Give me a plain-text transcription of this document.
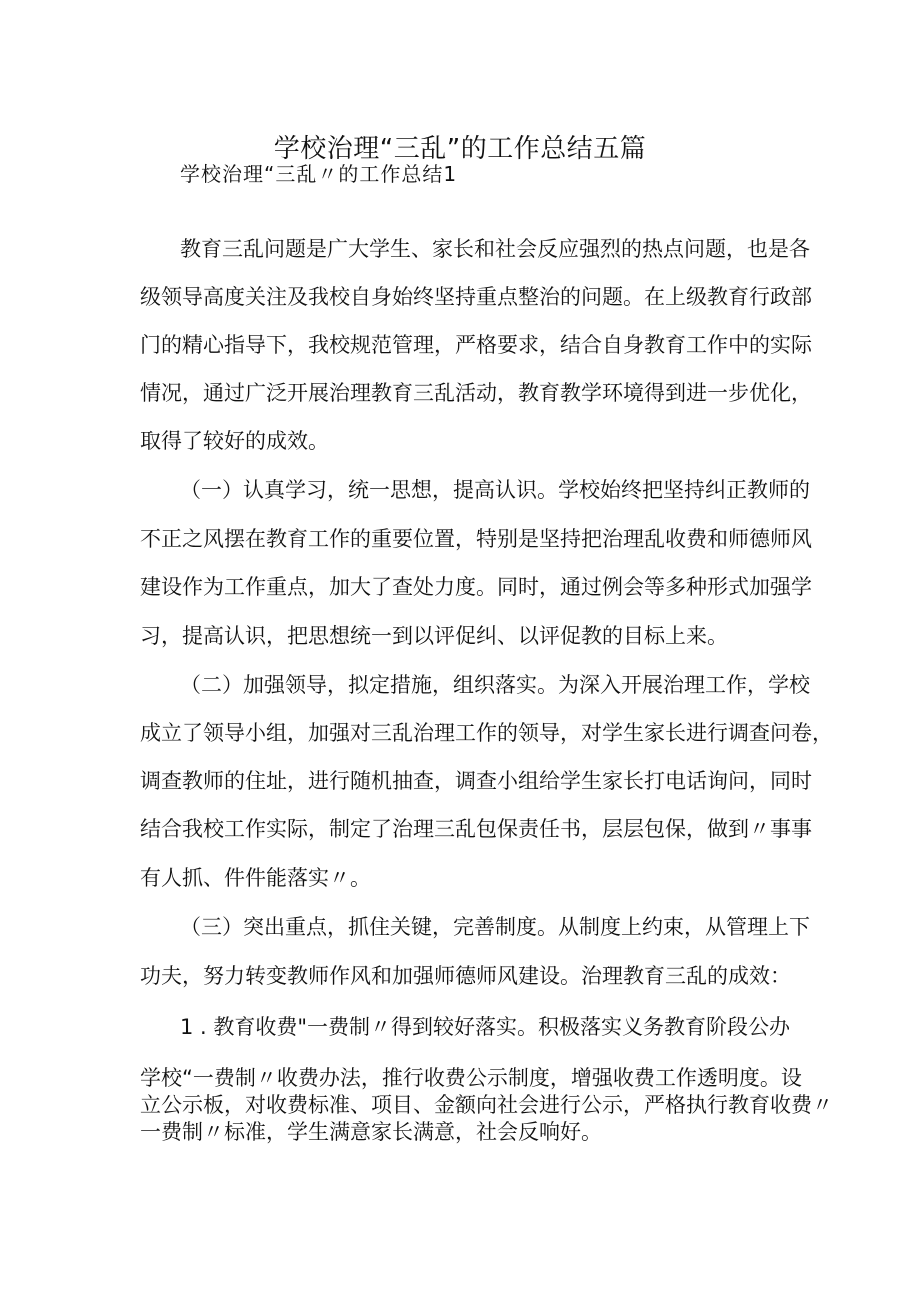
学校治理“三乱”的工作总结五篇
学校治理“三乱〃的工作总结1
教育三乱问题是广大学生、家长和社会反应强烈的热点问题，也是各
级领导高度关注及我校自身始终坚持重点整治的问题。在上级教育行政部
门的精心指导下，我校规范管理，严格要求，结合自身教育工作中的实际
情况，通过广泛开展治理教育三乱活动，教育教学环境得到进一步优化，
取得了较好的成效。
（一）认真学习，统一思想，提高认识。学校始终把坚持纠正教师的
不正之风摆在教育工作的重要位置，特别是坚持把治理乱收费和师德师风
建设作为工作重点，加大了查处力度。同时，通过例会等多种形式加强学
习，提高认识，把思想统一到以评促纠、以评促教的目标上来。
（二）加强领导，拟定措施，组织落实。为深入开展治理工作，学校
成立了领导小组，加强对三乱治理工作的领导，对学生家长进行调查问卷，
调查教师的住址，进行随机抽查，调查小组给学生家长打电话询问，同时
结合我校工作实际，制定了治理三乱包保责任书，层层包保，做到〃事事
有人抓、件件能落实〃。
（三）突出重点，抓住关键，完善制度。从制度上约束，从管理上下
功夫，努力转变教师作风和加强师德师风建设。治理教育三乱的成效：
1 . 教育收费"一费制〃得到较好落实。积极落实义务教育阶段公办
学校“一费制〃收费办法，推行收费公示制度，增强收费工作透明度。设
立公示板，对收费标准、项目、金额向社会进行公示，严格执行教育收费〃
一费制〃标准，学生满意家长满意，社会反响好。
